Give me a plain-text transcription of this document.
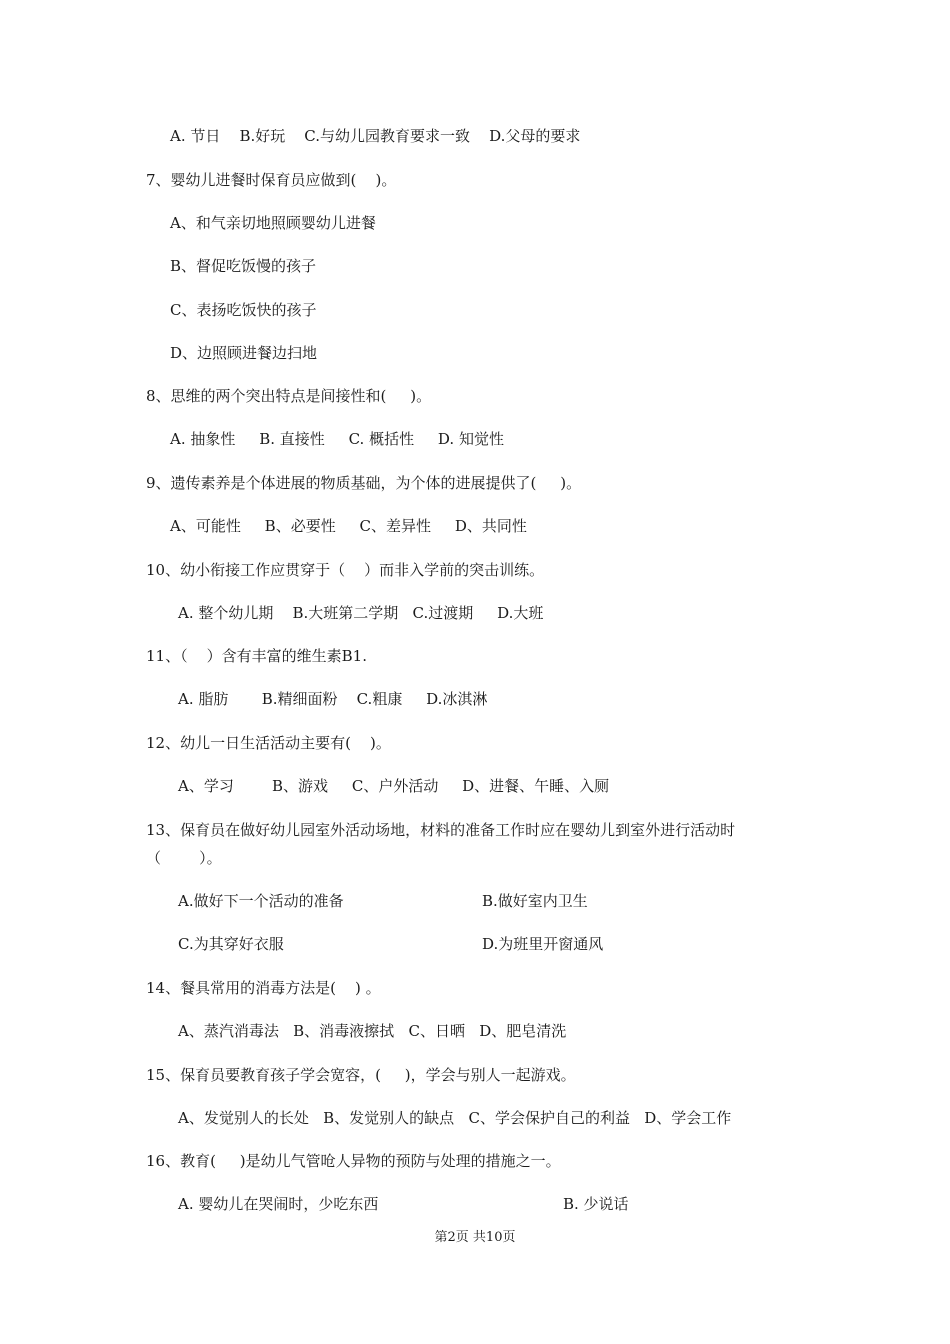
A. 节日    B.好玩    C.与幼儿园教育要求一致    D.父母的要求
7、婴幼儿进餐时保育员应做到(    )。
A、和气亲切地照顾婴幼儿进餐
B、督促吃饭慢的孩子
C、表扬吃饭快的孩子
D、边照顾进餐边扫地
8、思维的两个突出特点是间接性和(     )。
A. 抽象性     B. 直接性     C. 概括性     D. 知觉性
9、遗传素养是个体进展的物质基础，为个体的进展提供了(     )。
A、可能性     B、必要性     C、差异性     D、共同性
10、幼小衔接工作应贯穿于（    ）而非入学前的突击训练。
A. 整个幼儿期    B.大班第二学期   C.过渡期     D.大班
11、（    ）含有丰富的维生素B1.
A. 脂肪       B.精细面粉    C.粗康     D.冰淇淋
12、幼儿一日生活活动主要有(    )。
A、学习        B、游戏     C、户外活动     D、进餐、午睡、入厕
13、保育员在做好幼儿园室外活动场地，材料的准备工作时应在婴幼儿到室外进行活动时
（        ）。
A.做好下一个活动的准备	B.做好室内卫生
C.为其穿好衣服	D.为班里开窗通风
14、餐具常用的消毒方法是(    ) 。
A、蒸汽消毒法   B、消毒液擦拭   C、日晒   D、肥皂清洗
15、保育员要教育孩子学会宽容，(     )，学会与别人一起游戏。
A、发觉别人的长处   B、发觉别人的缺点   C、学会保护自己的利益   D、学会工作
16、教育(     )是幼儿气管呛人异物的预防与处理的措施之一。
A. 婴幼儿在哭闹时，少吃东西	B. 少说话
第2页 共10页
